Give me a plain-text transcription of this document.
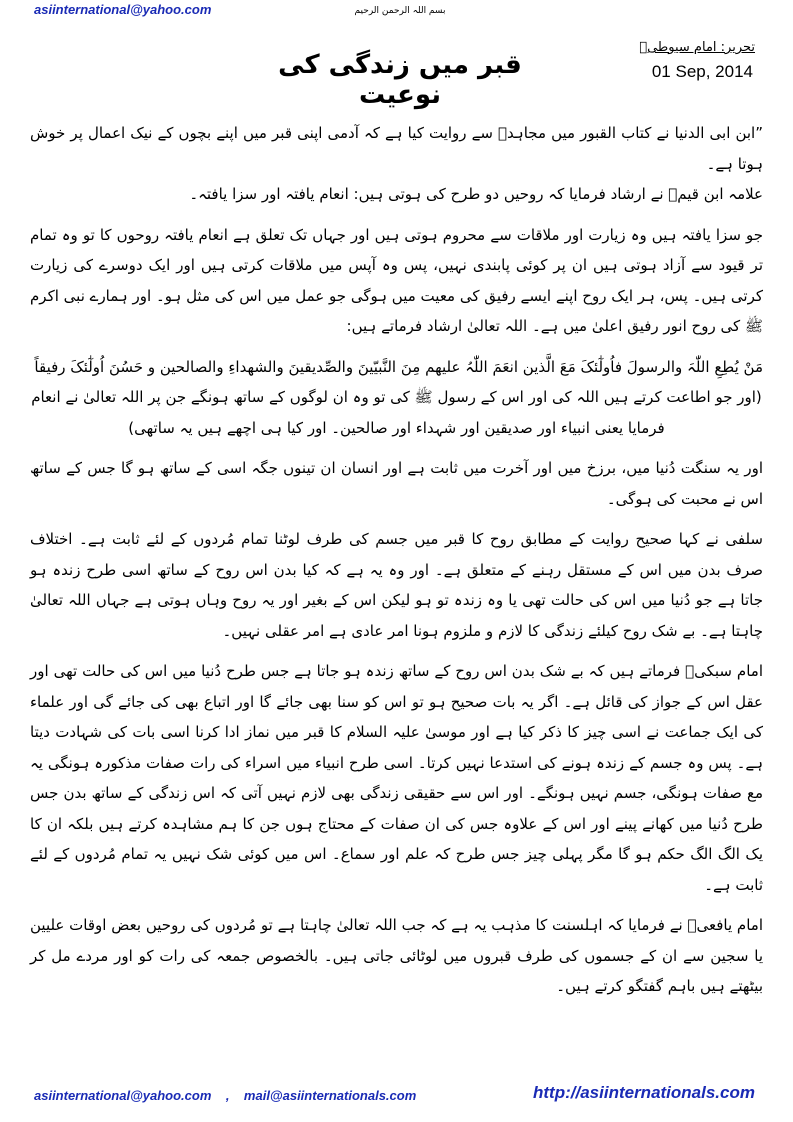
asiinternational@yahoo.com	بسم اللہ الرحمن الرحیم
تحریر: امام سیوطیؒ
قبر میں زندگی کی نوعیت
01 Sep, 2014

”ابن ابی الدنیا نے کتاب القبور میں مجاہدؒ سے روایت کیا ہے کہ آدمی اپنی قبر میں اپنے بچوں کے نیک اعمال پر خوش ہوتا ہے۔

علامہ ابن قیمؒ نے ارشاد فرمایا کہ روحیں دو طرح کی ہوتی ہیں: انعام یافتہ اور سزا یافتہ۔

جو سزا یافتہ ہیں وہ زیارت اور ملاقات سے محروم ہوتی ہیں اور جہاں تک تعلق ہے انعام یافتہ روحوں کا تو وہ تمام تر قیود سے آزاد ہوتی ہیں ان پر کوئی پابندی نہیں، پس وہ آپس میں ملاقات کرتی ہیں اور ایک دوسرے کی زیارت کرتی ہیں۔ پس، ہر ایک روح اپنے ایسے رفیق کی معیت میں ہوگی جو عمل میں اس کی مثل ہو۔ اور ہمارے نبی اکرم ﷺ کی روح انور رفیق اعلیٰ میں ہے۔ اللہ تعالیٰ ارشاد فرماتے ہیں:

مَنْ یُطِعِ اللّٰہَ والرسولَ فاُولٰٓئکَ مَعَ الَّذین انعَمَ اللّٰہُ علیھم مِنَ النَّبیّینَ والصِّدیقینَ والشھداءِ والصالحین و حَسُنَ اُولٰٓئکَ رفیقاً

(اور جو اطاعت کرتے ہیں اللہ کی اور اس کے رسول ﷺ کی تو وہ ان لوگوں کے ساتھ ہونگے جن پر اللہ تعالیٰ نے انعام فرمایا یعنی انبیاء اور صدیقین اور شہداء اور صالحین۔ اور کیا ہی اچھے ہیں یہ ساتھی)

اور یہ سنگت دُنیا میں، برزخ میں اور آخرت میں ثابت ہے اور انسان ان تینوں جگہ اسی کے ساتھ ہو گا جس کے ساتھ اس نے محبت کی ہوگی۔

سلفی نے کہا صحیح روایت کے مطابق روح کا قبر میں جسم کی طرف لوٹنا تمام مُردوں کے لئے ثابت ہے۔ اختلاف صرف بدن میں اس کے مستقل رہنے کے متعلق ہے۔ اور وہ یہ ہے کہ کیا بدن اس روح کے ساتھ اسی طرح زندہ ہو جاتا ہے جو دُنیا میں اس کی حالت تھی یا وہ زندہ تو ہو لیکن اس کے بغیر اور یہ روح وہاں ہوتی ہے جہاں اللہ تعالیٰ چاہتا ہے۔ بے شک روح کیلئے زندگی کا لازم و ملزوم ہونا امر عادی ہے امر عقلی نہیں۔

امام سبکیؒ فرماتے ہیں کہ بے شک بدن اس روح کے ساتھ زندہ ہو جاتا ہے جس طرح دُنیا میں اس کی حالت تھی اور عقل اس کے جواز کی قائل ہے۔ اگر یہ بات صحیح ہو تو اس کو سنا بھی جائے گا اور اتباع بھی کی جائے گی اور علماء کی ایک جماعت نے اسی چیز کا ذکر کیا ہے اور موسیٰ علیہ السلام کا قبر میں نماز ادا کرنا اسی بات کی شہادت دیتا ہے۔ پس وہ جسم کے زندہ ہونے کی استدعا نہیں کرتا۔ اسی طرح انبیاء میں اسراء کی رات صفات مذکورہ ہونگی یہ مع صفات ہونگی، جسم نہیں ہونگے۔ اور اس سے حقیقی زندگی بھی لازم نہیں آتی کہ اس زندگی کے ساتھ بدن جس طرح دُنیا میں کھانے پینے اور اس کے علاوہ جس کی ان صفات کے محتاج ہوں جن کا ہم مشاہدہ کرتے ہیں بلکہ ان کا یک الگ الگ حکم ہو گا مگر پہلی چیز جس طرح کہ علم اور سماع۔ اس میں کوئی شک نہیں یہ تمام مُردوں کے لئے ثابت ہے۔

امام یافعیؒ نے فرمایا کہ اہلسنت کا مذہب یہ ہے کہ جب اللہ تعالیٰ چاہتا ہے تو مُردوں کی روحیں بعض اوقات علیین یا سجین سے ان کے جسموں کی طرف قبروں میں لوٹائی جاتی ہیں۔ بالخصوص جمعہ کی رات کو اور مردے مل کر بیٹھتے ہیں باہم گفتگو کرتے ہیں۔

asiinternational@yahoo.com , mail@asiinternationals.com	http://asiinternationals.com
